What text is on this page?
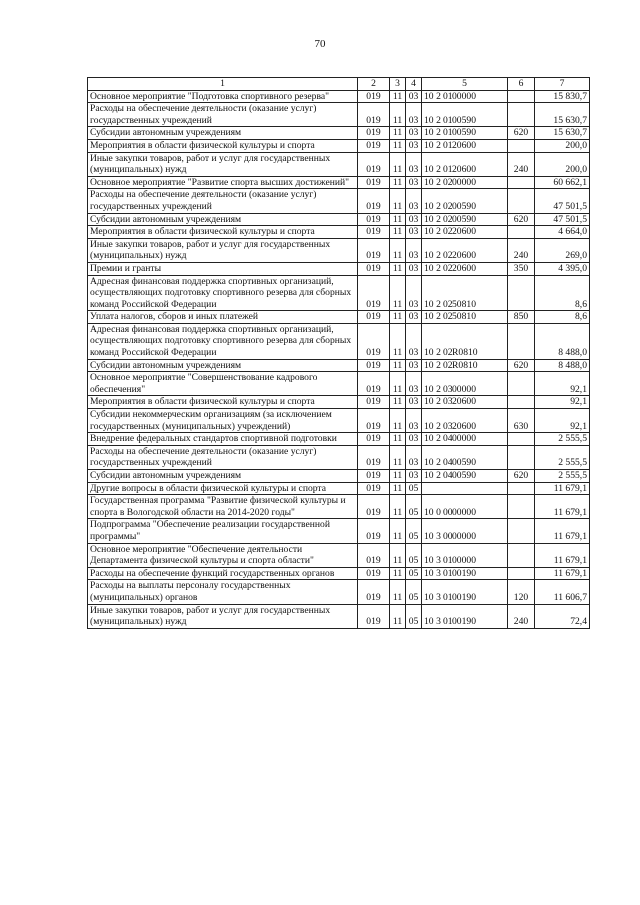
70
1	2	3	4	5	6	7
Основное мероприятие "Подготовка спортивного резерва"	019	11	03	10 2 0100000		15 830,7
Расходы на обеспечение деятельности (оказание услуг) государственных учреждений	019	11	03	10 2 0100590		15 630,7
Субсидии автономным учреждениям	019	11	03	10 2 0100590	620	15 630,7
Мероприятия в области физической культуры и спорта	019	11	03	10 2 0120600		200,0
Иные закупки товаров, работ и услуг для государственных (муниципальных) нужд	019	11	03	10 2 0120600	240	200,0
Основное мероприятие "Развитие спорта высших достижений"	019	11	03	10 2 0200000		60 662,1
Расходы на обеспечение деятельности (оказание услуг) государственных учреждений	019	11	03	10 2 0200590		47 501,5
Субсидии автономным учреждениям	019	11	03	10 2 0200590	620	47 501,5
Мероприятия в области физической культуры и спорта	019	11	03	10 2 0220600		4 664,0
Иные закупки товаров, работ и услуг для государственных (муниципальных) нужд	019	11	03	10 2 0220600	240	269,0
Премии и гранты	019	11	03	10 2 0220600	350	4 395,0
Адресная финансовая поддержка спортивных организаций, осуществляющих подготовку спортивного резерва для сборных команд Российской Федерации	019	11	03	10 2 0250810		8,6
Уплата налогов, сборов и иных платежей	019	11	03	10 2 0250810	850	8,6
Адресная финансовая поддержка спортивных организаций, осуществляющих подготовку спортивного резерва для сборных команд Российской Федерации	019	11	03	10 2 02R0810		8 488,0
Субсидии автономным учреждениям	019	11	03	10 2 02R0810	620	8 488,0
Основное мероприятие "Совершенствование кадрового обеспечения"	019	11	03	10 2 0300000		92,1
Мероприятия в области физической культуры и спорта	019	11	03	10 2 0320600		92,1
Субсидии некоммерческим организациям (за исключением государственных (муниципальных) учреждений)	019	11	03	10 2 0320600	630	92,1
Внедрение федеральных стандартов спортивной подготовки	019	11	03	10 2 0400000		2 555,5
Расходы на обеспечение деятельности (оказание услуг) государственных учреждений	019	11	03	10 2 0400590		2 555,5
Субсидии автономным учреждениям	019	11	03	10 2 0400590	620	2 555,5
Другие вопросы в области физической культуры и спорта	019	11	05			11 679,1
Государственная программа "Развитие физической культуры и спорта в Вологодской области на 2014-2020 годы"	019	11	05	10 0 0000000		11 679,1
Подпрограмма "Обеспечение реализации государственной программы"	019	11	05	10 3 0000000		11 679,1
Основное мероприятие "Обеспечение деятельности Департамента физической культуры и спорта области"	019	11	05	10 3 0100000		11 679,1
Расходы на обеспечение функций государственных органов	019	11	05	10 3 0100190		11 679,1
Расходы на выплаты персоналу государственных (муниципальных) органов	019	11	05	10 3 0100190	120	11 606,7
Иные закупки товаров, работ и услуг для государственных (муниципальных) нужд	019	11	05	10 3 0100190	240	72,4
